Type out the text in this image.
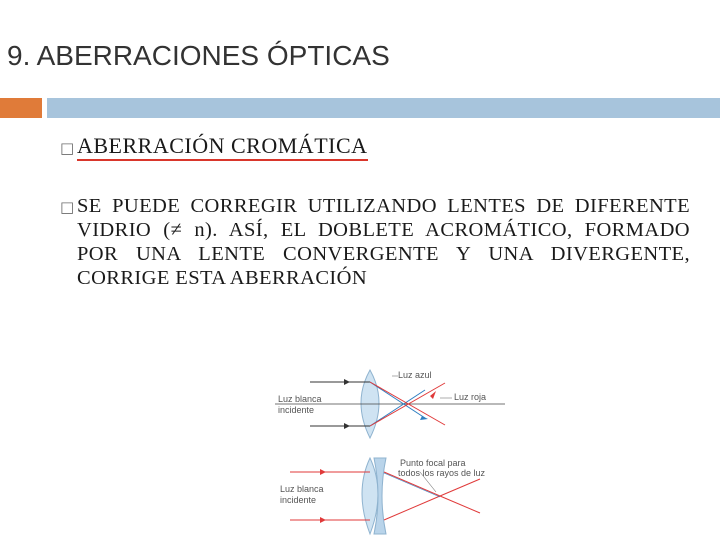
9. ABERRACIONES ÓPTICAS
□ ABERRACIÓN CROMÁTICA
□ SE PUEDE CORREGIR UTILIZANDO LENTES DE DIFERENTE VIDRIO (≠ n). ASÍ, EL DOBLETE ACROMÁTICO, FORMADO POR UNA LENTE CONVERGENTE Y UNA DIVERGENTE, CORRIGE ESTA ABERRACIÓN
Luz azul
Luz roja
Luz blanca
incidente
Punto focal para
todos los rayos de luz
Luz blanca
incidente
